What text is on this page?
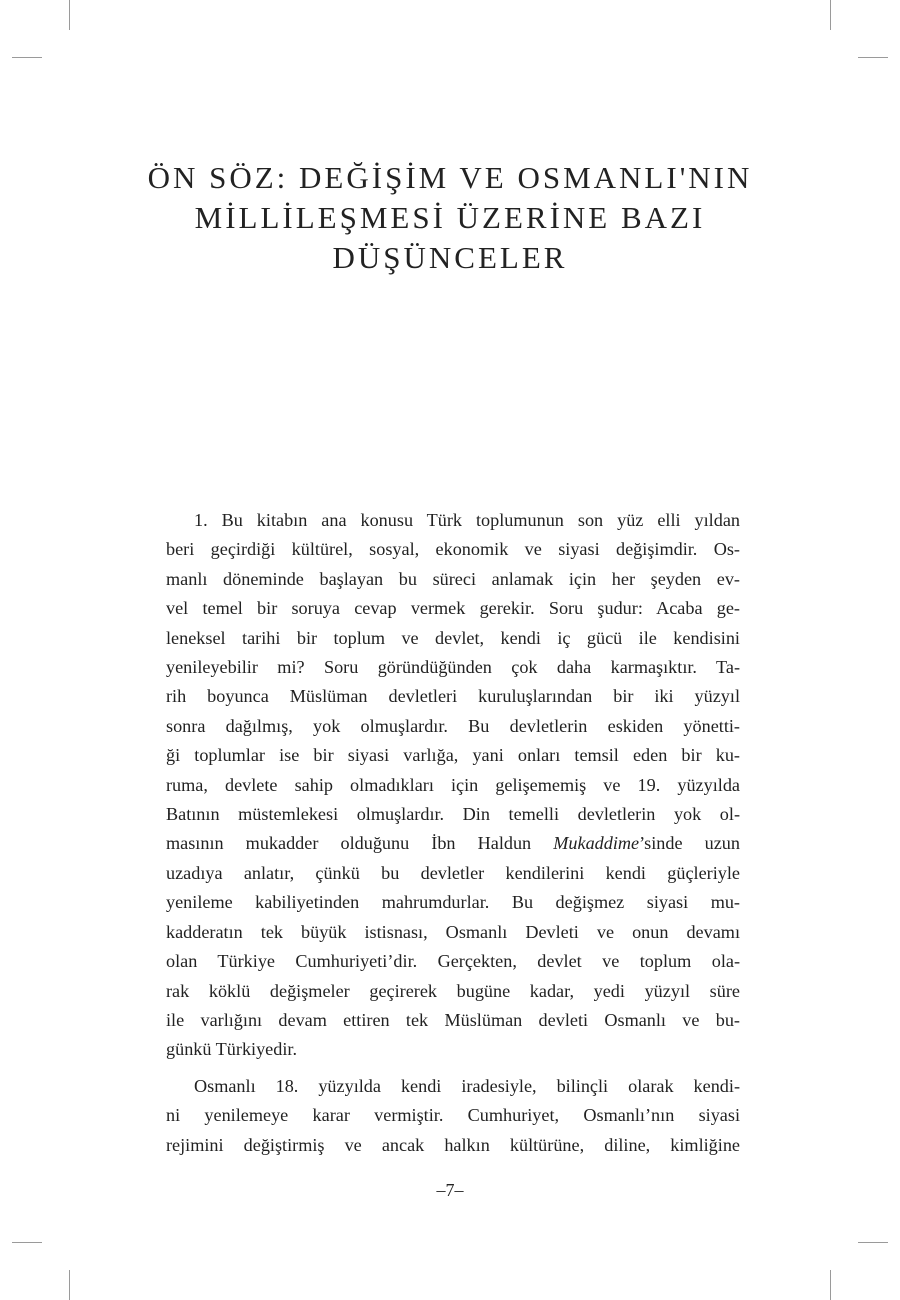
ÖN SÖZ: DEĞİŞİM VE OSMANLI'NIN
MİLLİLEŞMESİ ÜZERİNE BAZI
DÜŞÜNCELER

1. Bu kitabın ana konusu Türk toplumunun son yüz elli yıldan
beri geçirdiği kültürel, sosyal, ekonomik ve siyasi değişimdir. Os-
manlı döneminde başlayan bu süreci anlamak için her şeyden ev-
vel temel bir soruya cevap vermek gerekir. Soru şudur: Acaba ge-
leneksel tarihi bir toplum ve devlet, kendi iç gücü ile kendisini
yenileyebilir mi? Soru göründüğünden çok daha karmaşıktır. Ta-
rih boyunca Müslüman devletleri kuruluşlarından bir iki yüzyıl
sonra dağılmış, yok olmuşlardır. Bu devletlerin eskiden yönetti-
ği toplumlar ise bir siyasi varlığa, yani onları temsil eden bir ku-
ruma, devlete sahip olmadıkları için gelişememiş ve 19. yüzyılda
Batının müstemlekesi olmuşlardır. Din temelli devletlerin yok ol-
masının mukadder olduğunu İbn Haldun Mukaddime’sinde uzun
uzadıya anlatır, çünkü bu devletler kendilerini kendi güçleriyle
yenileme kabiliyetinden mahrumdurlar. Bu değişmez siyasi mu-
kadderatın tek büyük istisnası, Osmanlı Devleti ve onun devamı
olan Türkiye Cumhuriyeti’dir. Gerçekten, devlet ve toplum ola-
rak köklü değişmeler geçirerek bugüne kadar, yedi yüzyıl süre
ile varlığını devam ettiren tek Müslüman devleti Osmanlı ve bu-
günkü Türkiyedir.

Osmanlı 18. yüzyılda kendi iradesiyle, bilinçli olarak kendi-
ni yenilemeye karar vermiştir. Cumhuriyet, Osmanlı’nın siyasi
rejimini değiştirmiş ve ancak halkın kültürüne, diline, kimliğine

–7–
